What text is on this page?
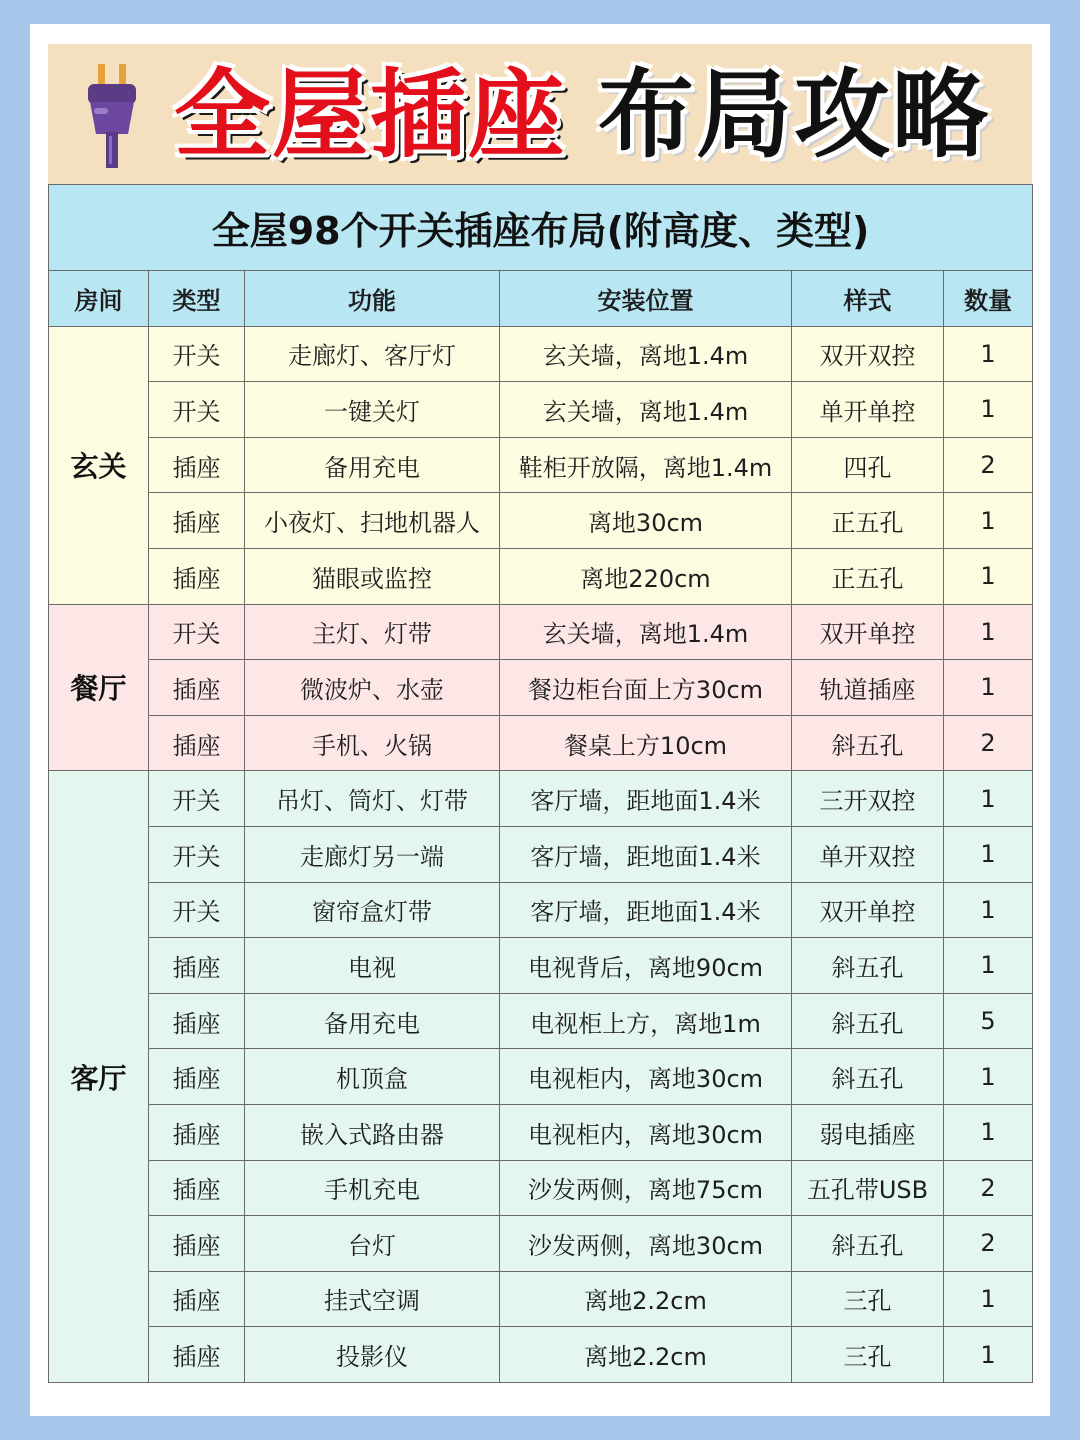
全屋插座 布局攻略
全屋98个开关插座布局(附高度、类型)					
房间	类型	功能	安装位置	样式	数量
玄关	开关	走廊灯、客厅灯	玄关墙，离地1.4m	双开双控	1
	开关	一键关灯	玄关墙，离地1.4m	单开单控	1
	插座	备用充电	鞋柜开放隔，离地1.4m	四孔	2
	插座	小夜灯、扫地机器人	离地30cm	正五孔	1
	插座	猫眼或监控	离地220cm	正五孔	1
餐厅	开关	主灯、灯带	玄关墙，离地1.4m	双开单控	1
	插座	微波炉、水壶	餐边柜台面上方30cm	轨道插座	1
	插座	手机、火锅	餐桌上方10cm	斜五孔	2
客厅	开关	吊灯、筒灯、灯带	客厅墙，距地面1.4米	三开双控	1
	开关	走廊灯另一端	客厅墙，距地面1.4米	单开双控	1
	开关	窗帘盒灯带	客厅墙，距地面1.4米	双开单控	1
	插座	电视	电视背后，离地90cm	斜五孔	1
	插座	备用充电	电视柜上方，离地1m	斜五孔	5
	插座	机顶盒	电视柜内，离地30cm	斜五孔	1
	插座	嵌入式路由器	电视柜内，离地30cm	弱电插座	1
	插座	手机充电	沙发两侧，离地75cm	五孔带USB	2
	插座	台灯	沙发两侧，离地30cm	斜五孔	2
	插座	挂式空调	离地2.2cm	三孔	1
	插座	投影仪	离地2.2cm	三孔	1
